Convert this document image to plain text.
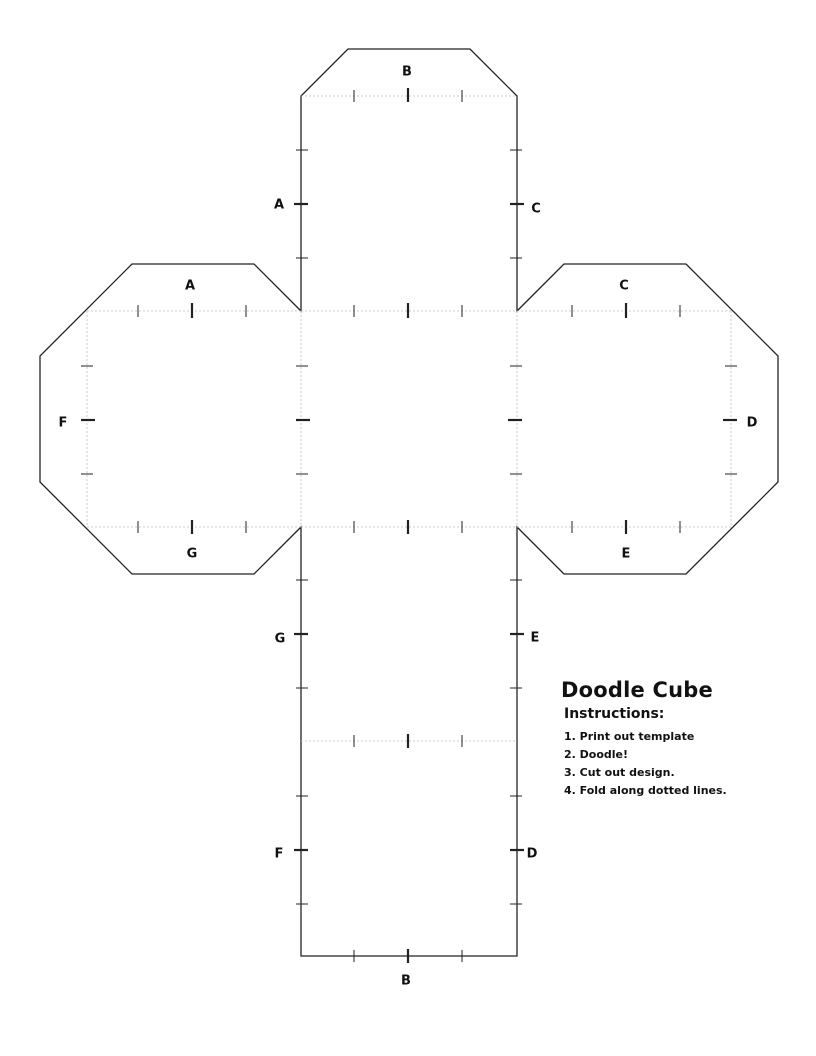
B
A	C
A	C
F	D
G	E
G	E
F	D
B
Doodle Cube
Instructions:
1. Print out template
2. Doodle!
3. Cut out design.
4. Fold along dotted lines.
